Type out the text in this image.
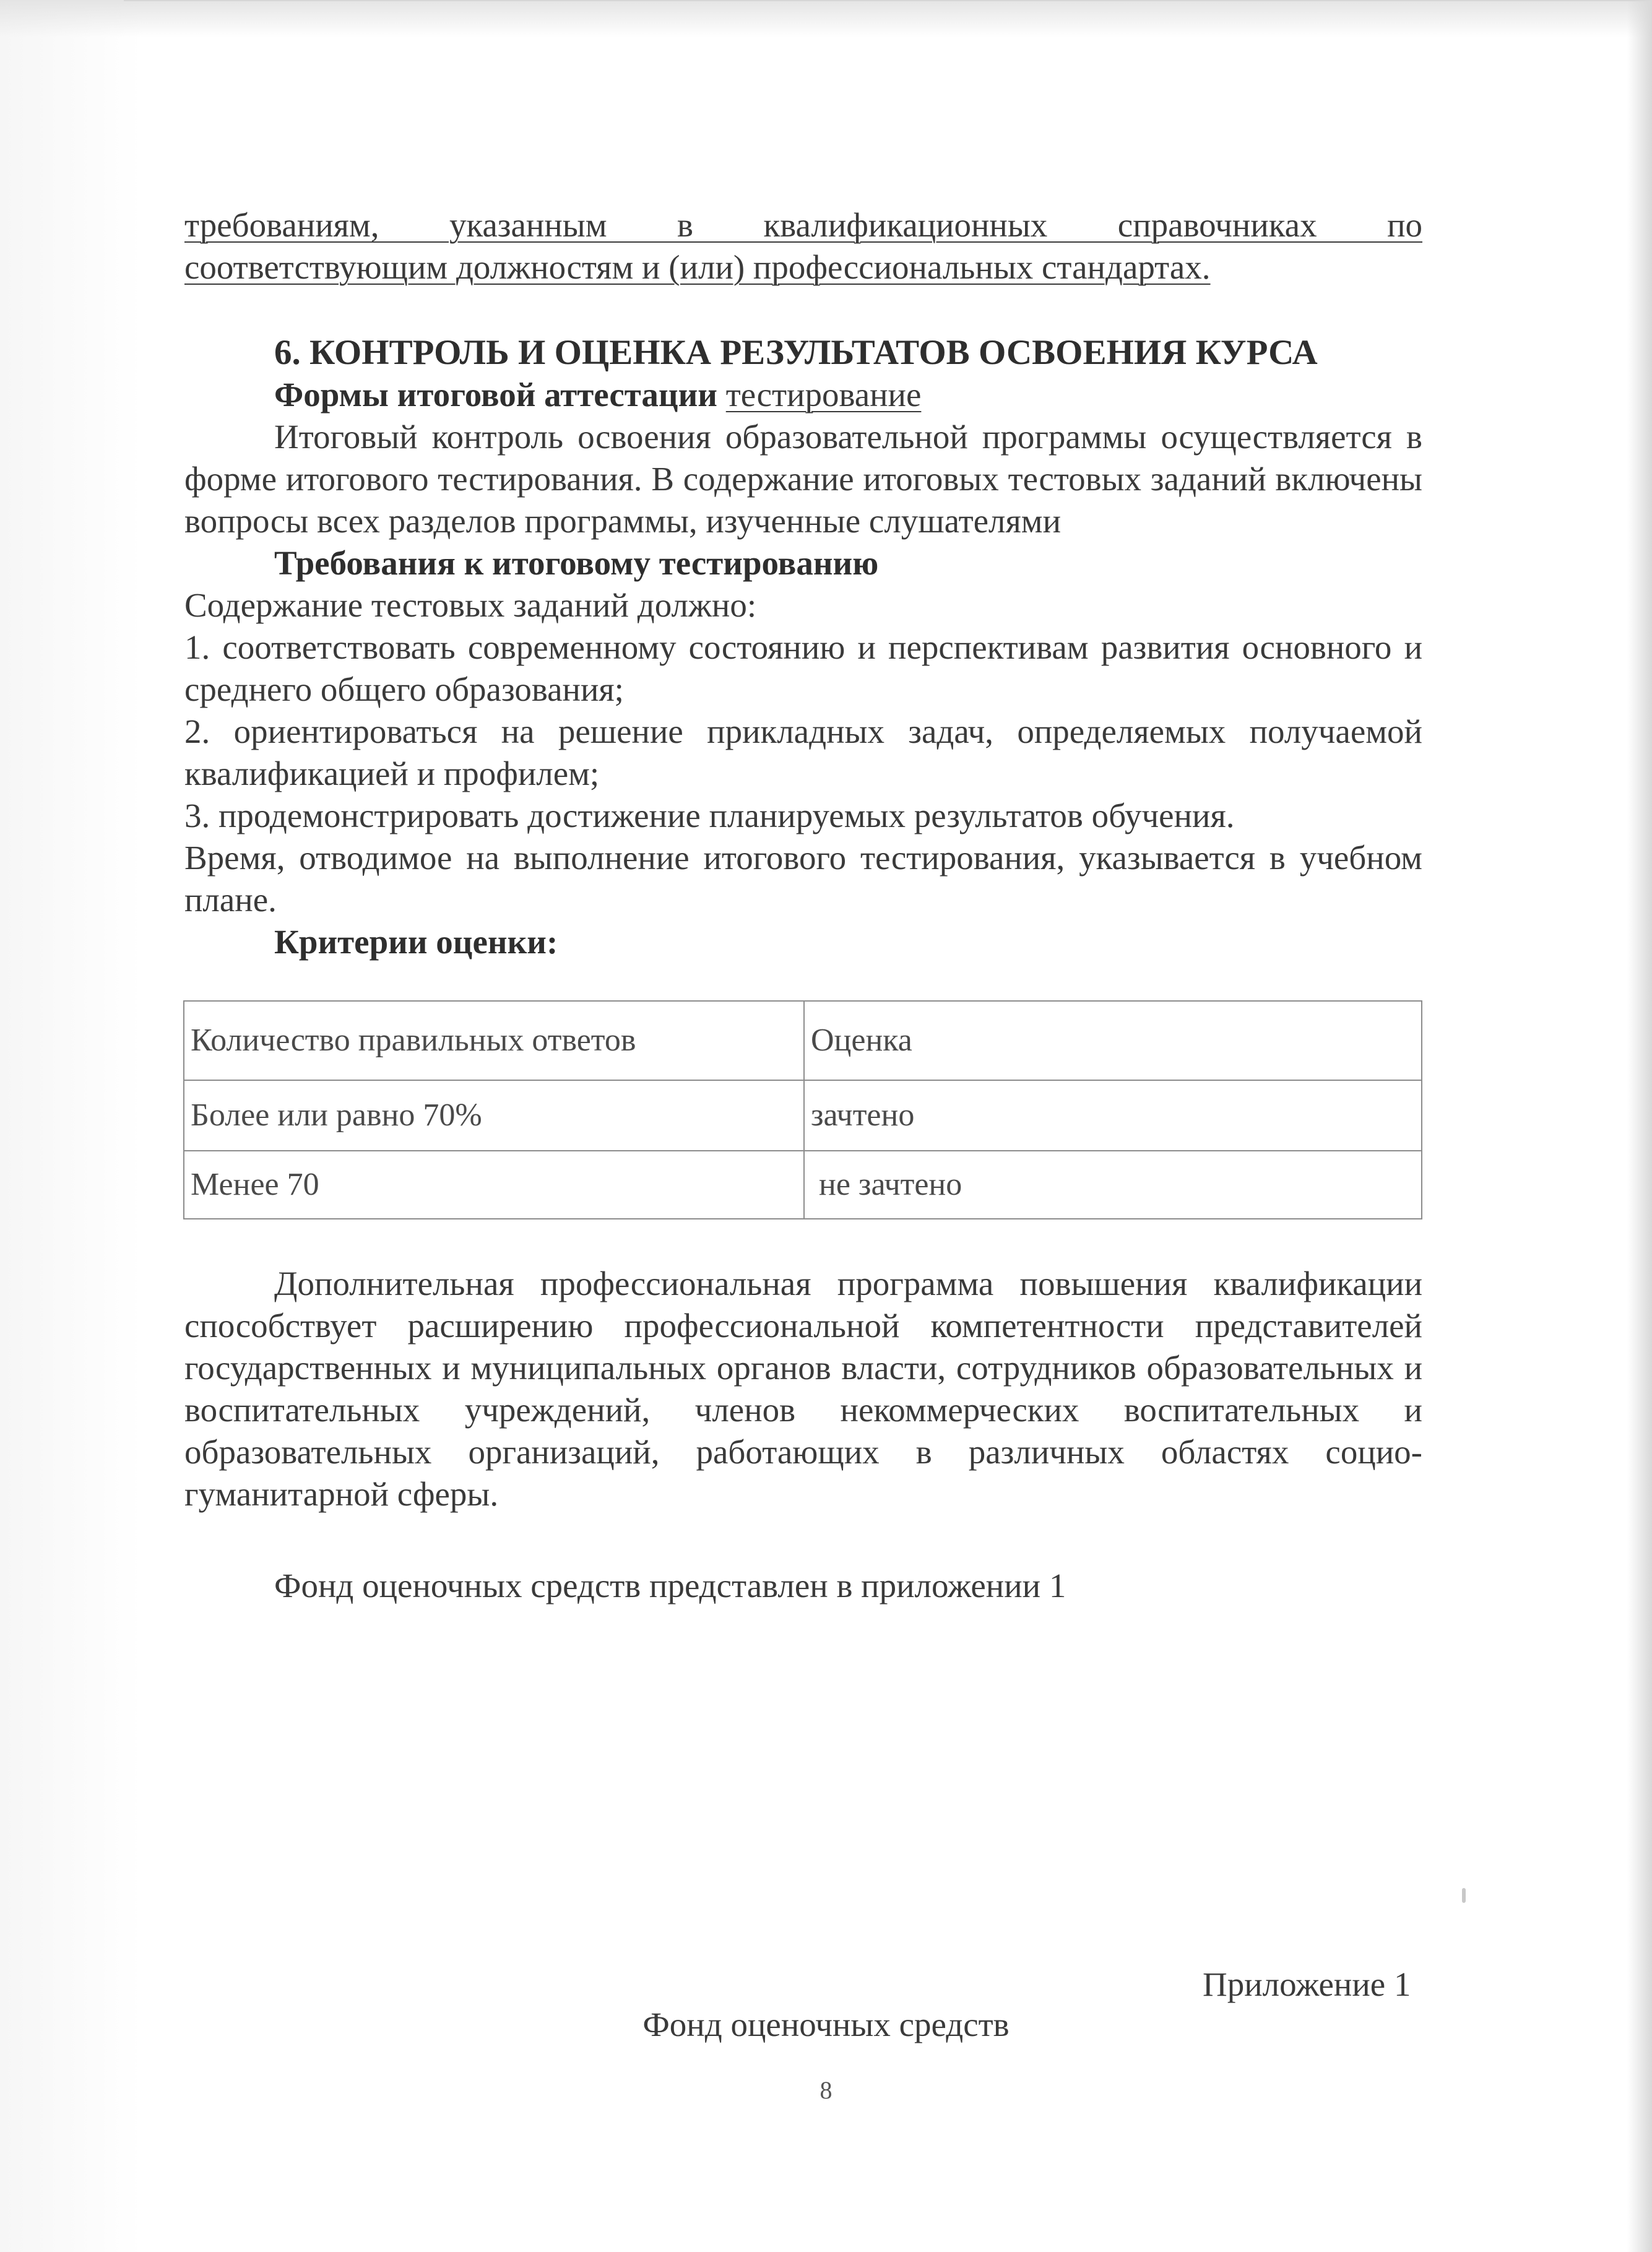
требованиям, указанным в квалификационных справочниках по

соответствующим должностям и (или) профессиональных стандартах.

6. КОНТРОЛЬ И ОЦЕНКА РЕЗУЛЬТАТОВ ОСВОЕНИЯ КУРСА

Формы итоговой аттестации тестирование

Итоговый контроль освоения образовательной программы осуществляется в форме итогового тестирования. В содержание итоговых тестовых заданий включены вопросы всех разделов программы, изученные слушателями

Требования к итоговому тестированию

Содержание тестовых заданий должно:

1. соответствовать современному состоянию и перспективам развития основного и среднего общего образования;

2. ориентироваться на решение прикладных задач, определяемых получаемой квалификацией и профилем;

3. продемонстрировать достижение планируемых результатов обучения.

Время, отводимое на выполнение итогового тестирования, указывается в учебном плане.

Критерии оценки:

Количество правильных ответов	Оценка
Более или равно 70%	зачтено
Менее 70	не зачтено

Дополнительная профессиональная программа повышения квалификации способствует расширению профессиональной компетентности представителей государственных и муниципальных органов власти, сотрудников образовательных и воспитательных учреждений, членов некоммерческих воспитательных и образовательных организаций, работающих в различных областях социо-гуманитарной сферы.

Фонд оценочных средств представлен в приложении 1

Приложение 1
Фонд оценочных средств
8
